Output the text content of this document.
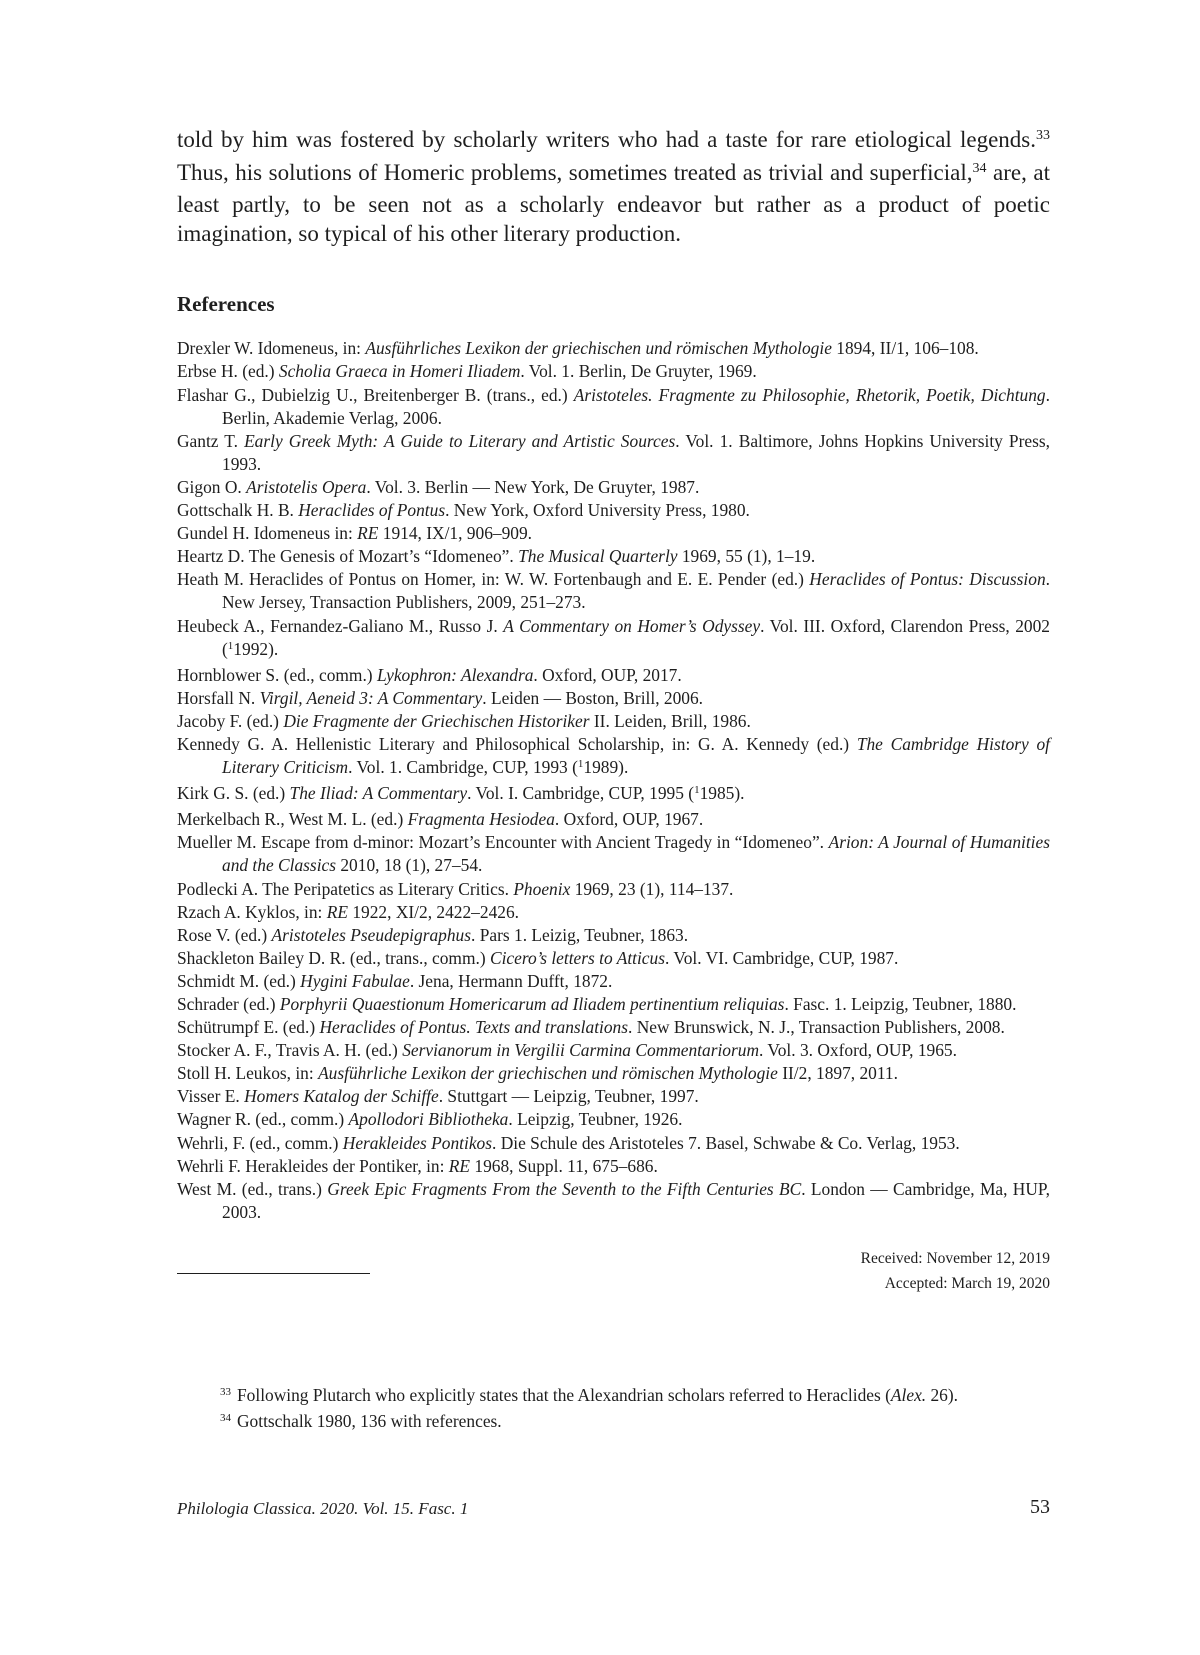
told by him was fostered by scholarly writers who had a taste for rare etiological legends.$^{33}$ Thus, his solutions of Homeric problems, sometimes treated as trivial and superficial,$^{34}$ are, at least partly, to be seen not as a scholarly endeavor but rather as a product of poetic imagination, so typical of his other literary production.

References
Drexler W. Idomeneus, in: Ausführliches Lexikon der griechischen und römischen Mythologie 1894, II/1, 106–108.
Erbse H. (ed.) Scholia Graeca in Homeri Iliadem. Vol. 1. Berlin, De Gruyter, 1969.
Flashar G., Dubielzig U., Breitenberger B. (trans., ed.) Aristoteles. Fragmente zu Philosophie, Rhetorik, Poetik, Dichtung. Berlin, Akademie Verlag, 2006.
Gantz T. Early Greek Myth: A Guide to Literary and Artistic Sources. Vol. 1. Baltimore, Johns Hopkins University Press, 1993.
Gigon O. Aristotelis Opera. Vol. 3. Berlin — New York, De Gruyter, 1987.
Gottschalk H. B. Heraclides of Pontus. New York, Oxford University Press, 1980.
Gundel H. Idomeneus in: RE 1914, IX/1, 906–909.
Heartz D. The Genesis of Mozart’s “Idomeneo”. The Musical Quarterly 1969, 55 (1), 1–19.
Heath M. Heraclides of Pontus on Homer, in: W. W. Fortenbaugh and E. E. Pender (ed.) Heraclides of Pontus: Discussion. New Jersey, Transaction Publishers, 2009, 251–273.
Heubeck A., Fernandez-Galiano M., Russo J. A Commentary on Homer’s Odyssey. Vol. III. Oxford, Clarendon Press, 2002 ($^1$1992).
Hornblower S. (ed., comm.) Lykophron: Alexandra. Oxford, OUP, 2017.
Horsfall N. Virgil, Aeneid 3: A Commentary. Leiden — Boston, Brill, 2006.
Jacoby F. (ed.) Die Fragmente der Griechischen Historiker II. Leiden, Brill, 1986.
Kennedy G. A. Hellenistic Literary and Philosophical Scholarship, in: G. A. Kennedy (ed.) The Cambridge History of Literary Criticism. Vol. 1. Cambridge, CUP, 1993 ($^1$1989).
Kirk G. S. (ed.) The Iliad: A Commentary. Vol. I. Cambridge, CUP, 1995 ($^1$1985).
Merkelbach R., West M. L. (ed.) Fragmenta Hesiodea. Oxford, OUP, 1967.
Mueller M. Escape from d-minor: Mozart’s Encounter with Ancient Tragedy in “Idomeneo”. Arion: A Journal of Humanities and the Classics 2010, 18 (1), 27–54.
Podlecki A. The Peripatetics as Literary Critics. Phoenix 1969, 23 (1), 114–137.
Rzach A. Kyklos, in: RE 1922, XI/2, 2422–2426.
Rose V. (ed.) Aristoteles Pseudepigraphus. Pars 1. Leizig, Teubner, 1863.
Shackleton Bailey D. R. (ed., trans., comm.) Cicero’s letters to Atticus. Vol. VI. Cambridge, CUP, 1987.
Schmidt M. (ed.) Hygini Fabulae. Jena, Hermann Dufft, 1872.
Schrader (ed.) Porphyrii Quaestionum Homericarum ad Iliadem pertinentium reliquias. Fasc. 1. Leipzig, Teubner, 1880.
Schütrumpf E. (ed.) Heraclides of Pontus. Texts and translations. New Brunswick, N. J., Transaction Publishers, 2008.
Stocker A. F., Travis A. H. (ed.) Servianorum in Vergilii Carmina Commentariorum. Vol. 3. Oxford, OUP, 1965.
Stoll H. Leukos, in: Ausführliche Lexikon der griechischen und römischen Mythologie II/2, 1897, 2011.
Visser E. Homers Katalog der Schiffe. Stuttgart — Leipzig, Teubner, 1997.
Wagner R. (ed., comm.) Apollodori Bibliotheka. Leipzig, Teubner, 1926.
Wehrli, F. (ed., comm.) Herakleides Pontikos. Die Schule des Aristoteles 7. Basel, Schwabe & Co. Verlag, 1953.
Wehrli F. Herakleides der Pontiker, in: RE 1968, Suppl. 11, 675–686.
West M. (ed., trans.) Greek Epic Fragments From the Seventh to the Fifth Centuries BC. London — Cambridge, Ma, HUP, 2003.
Received: November 12, 2019
Accepted: March 19, 2020
$^{33}$ Following Plutarch who explicitly states that the Alexandrian scholars referred to Heraclides (Alex. 26).
$^{34}$ Gottschalk 1980, 136 with references.
Philologia Classica. 2020. Vol. 15. Fasc. 1	53
